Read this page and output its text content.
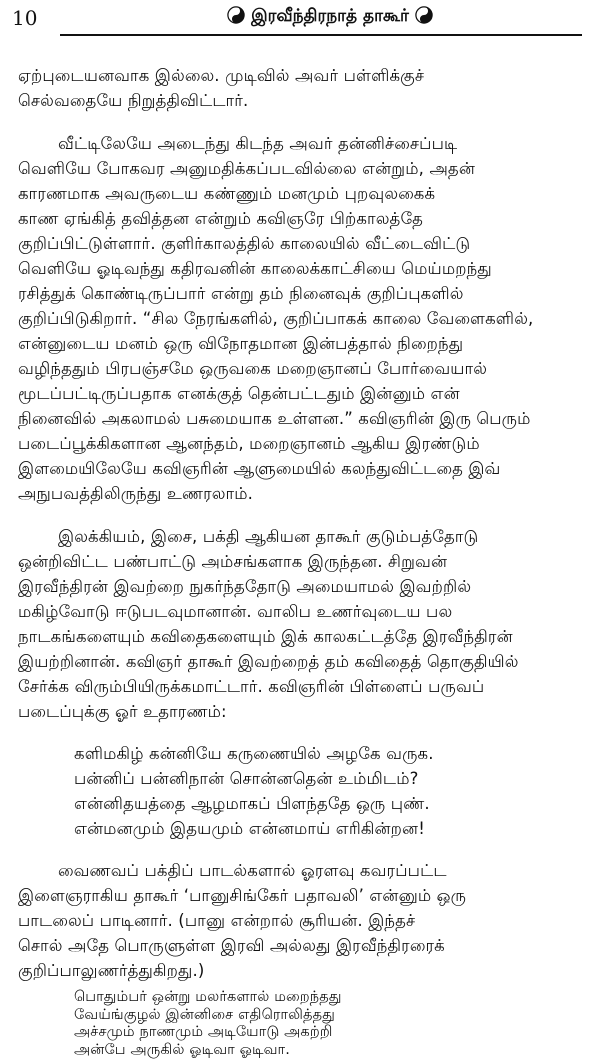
10	இரவீந்திரநாத் தாகூர்
ஏற்புடையனவாக இல்லை. முடிவில் அவர் பள்ளிக்குச்
செல்வதையே நிறுத்திவிட்டார்.
வீட்டிலேயே அடைந்து கிடந்த அவர் தன்னிச்சைப்படி
வெளியே போகவர அனுமதிக்கப்படவில்லை என்றும், அதன்
காரணமாக அவருடைய கண்ணும் மனமும் புறவுலகைக்
காண ஏங்கித் தவித்தன என்றும் கவிஞரே பிற்காலத்தே
குறிப்பிட்டுள்ளார். குளிர்காலத்தில் காலையில் வீட்டைவிட்டு
வெளியே ஓடிவந்து கதிரவனின் காலைக்காட்சியை மெய்மறந்து
ரசித்துக் கொண்டிருப்பார் என்று தம் நினைவுக் குறிப்புகளில்
குறிப்பிடுகிறார். “சில நேரங்களில், குறிப்பாகக் காலை வேளைகளில்,
என்னுடைய மனம் ஒரு விநோதமான இன்பத்தால் நிறைந்து
வழிந்ததும் பிரபஞ்சமே ஒருவகை மறைஞானப் போர்வையால்
மூடப்பட்டிருப்பதாக எனக்குத் தென்பட்டதும் இன்னும் என்
நினைவில் அகலாமல் பசுமையாக உள்ளன.” கவிஞரின் இரு பெரும்
படைப்பூக்கிகளான ஆனந்தம், மறைஞானம் ஆகிய இரண்டும்
இளமையிலேயே கவிஞரின் ஆளுமையில் கலந்துவிட்டதை இவ்
அநுபவத்திலிருந்து உணரலாம்.
இலக்கியம், இசை, பக்தி ஆகியன தாகூர் குடும்பத்தோடு
ஒன்றிவிட்ட பண்பாட்டு அம்சங்களாக இருந்தன. சிறுவன்
இரவீந்திரன் இவற்றை நுகர்ந்ததோடு அமையாமல் இவற்றில்
மகிழ்வோடு ஈடுபடவுமானான். வாலிப உணர்வுடைய பல
நாடகங்களையும் கவிதைகளையும் இக் காலகட்டத்தே இரவீந்திரன்
இயற்றினான். கவிஞர் தாகூர் இவற்றைத் தம் கவிதைத் தொகுதியில்
சேர்க்க விரும்பியிருக்கமாட்டார். கவிஞரின் பிள்ளைப் பருவப்
படைப்புக்கு ஓர் உதாரணம்:
களிமகிழ் கன்னியே கருணையில் அழகே வருக.
பன்னிப் பன்னிநான் சொன்னதென் உம்மிடம்?
என்னிதயத்தை ஆழமாகப் பிளந்ததே ஒரு புண்.
என்மனமும் இதயமும் என்னமாய் எரிகின்றன!
வைணவப் பக்திப் பாடல்களால் ஓரளவு கவரப்பட்ட
இளைஞராகிய தாகூர் ‘பானுசிங்கேர் பதாவலி’ என்னும் ஒரு
பாடலைப் பாடினார். (பானு என்றால் சூரியன். இந்தச்
சொல் அதே பொருளுள்ள இரவி அல்லது இரவீந்திரரைக்
குறிப்பாலுணர்த்துகிறது.)
பொதும்பர் ஒன்று மலர்களால் மறைந்தது
வேய்ங்குழல் இன்னிசை எதிரொலித்தது
அச்சமும் நாணமும் அடியோடு அகற்றி
அன்பே அருகில் ஓடிவா ஓடிவா.
